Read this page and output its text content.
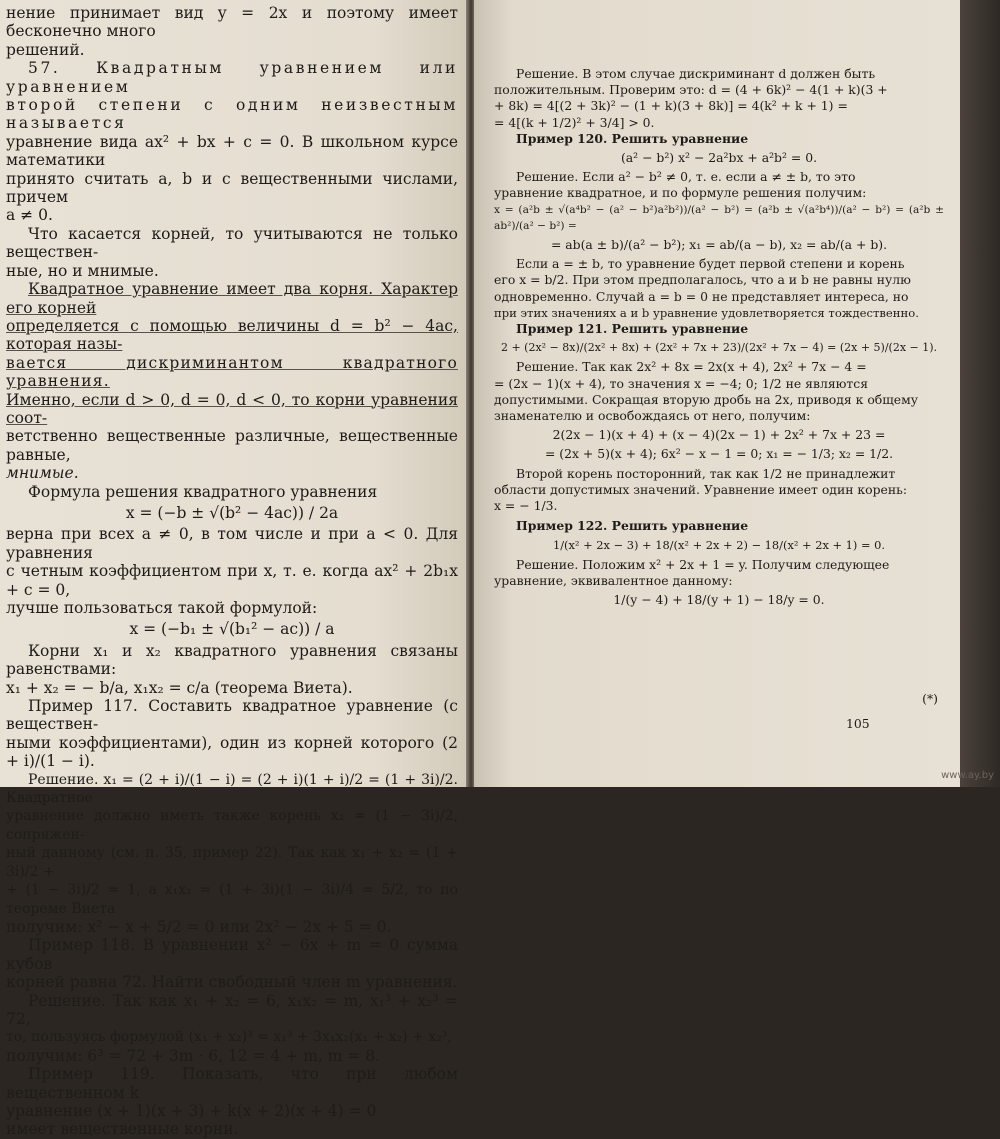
нение принимает вид y = 2x и поэтому имеет бесконечно много

решений.

57. Квадратным уравнением или уравнением

второй степени с одним неизвестным называется

уравнение вида ax² + bx + c = 0. В школьном курсе математики

принято считать a, b и c вещественными числами, причем

a ≠ 0.

Что касается корней, то учитываются не только веществен-

ные, но и мнимые.

Квадратное уравнение имеет два корня. Характер его корней

определяется с помощью величины d = b² − 4ac, которая назы-

вается дискриминантом квадратного уравнения.

Именно, если d > 0, d = 0, d < 0, то корни уравнения соот-

ветственно вещественные различные, вещественные равные,

мнимые.

Формула решения квадратного уравнения

x = (−b ± √(b² − 4ac)) / 2a

верна при всех a ≠ 0, в том числе и при a < 0. Для уравнения

с четным коэффициентом при x, т. е. когда ax² + 2b₁x + c = 0,

лучше пользоваться такой формулой:

x = (−b₁ ± √(b₁² − ac)) / a

Корни x₁ и x₂ квадратного уравнения связаны равенствами:

x₁ + x₂ = − b/a, x₁x₂ = c/a (теорема Виета).

Пример 117. Составить квадратное уравнение (с веществен-

ными коэффициентами), один из корней которого (2 + i)/(1 − i).

Решение. x₁ = (2 + i)/(1 − i) = (2 + i)(1 + i)/2 = (1 + 3i)/2. Квадратное

уравнение должно иметь также корень x₂ = (1 − 3i)/2, сопряжен-

ный данному (см. п. 35, пример 22). Так как x₁ + x₂ = (1 + 3i)/2 +

+ (1 − 3i)/2 = 1, а x₁x₂ = (1 + 3i)(1 − 3i)/4 = 5/2, то по теореме Виета

получим: x² − x + 5/2 = 0 или 2x² − 2x + 5 = 0.

Пример 118. В уравнении x² − 6x + m = 0 сумма кубов

корней равна 72. Найти свободный член m уравнения.

Решение. Так как x₁ + x₂ = 6, x₁x₂ = m, x₁³ + x₂³ = 72,

то, пользуясь формулой (x₁ + x₂)³ = x₁³ + 3x₁x₂(x₁ + x₂) + x₂³,

получим: 6³ = 72 + 3m · 6, 12 = 4 + m, m = 8.

Пример 119. Показать, что при любом вещественном k

уравнение (x + 1)(x + 3) + k(x + 2)(x + 4) = 0

имеет вещественные корни.

Решение. В этом случае дискриминант d должен быть

положительным. Проверим это: d = (4 + 6k)² − 4(1 + k)(3 +

+ 8k) = 4[(2 + 3k)² − (1 + k)(3 + 8k)] = 4(k² + k + 1) =

= 4[(k + 1/2)² + 3/4] > 0.

Пример 120. Решить уравнение

(a² − b²) x² − 2a²bx + a²b² = 0.

Решение. Если a² − b² ≠ 0, т. е. если a ≠ ± b, то это

уравнение квадратное, и по формуле решения получим:

x = (a²b ± √(a⁴b² − (a² − b²)a²b²))/(a² − b²) = (a²b ± √(a²b⁴))/(a² − b²) = (a²b ± ab²)/(a² − b²) =

= ab(a ± b)/(a² − b²); x₁ = ab/(a − b), x₂ = ab/(a + b).

Если a = ± b, то уравнение будет первой степени и корень

его x = b/2. При этом предполагалось, что a и b не равны нулю

одновременно. Случай a = b = 0 не представляет интереса, но

при этих значениях a и b уравнение удовлетворяется тождественно.

Пример 121. Решить уравнение

2 + (2x² − 8x)/(2x² + 8x) + (2x² + 7x + 23)/(2x² + 7x − 4) = (2x + 5)/(2x − 1).

Решение. Так как 2x² + 8x = 2x(x + 4), 2x² + 7x − 4 =

= (2x − 1)(x + 4), то значения x = −4; 0; 1/2 не являются

допустимыми. Сокращая вторую дробь на 2x, приводя к общему

знаменателю и освобождаясь от него, получим:

2(2x − 1)(x + 4) + (x − 4)(2x − 1) + 2x² + 7x + 23 =

= (2x + 5)(x + 4); 6x² − x − 1 = 0; x₁ = − 1/3; x₂ = 1/2.

Второй корень посторонний, так как 1/2 не принадлежит

области допустимых значений. Уравнение имеет один корень:

x = − 1/3.

Пример 122. Решить уравнение

1/(x² + 2x − 3) + 18/(x² + 2x + 2) − 18/(x² + 2x + 1) = 0.

Решение. Положим x² + 2x + 1 = y. Получим следующее

уравнение, эквивалентное данному:

1/(y − 4) + 18/(y + 1) − 18/y = 0.

(*)
105
www.ay.by
